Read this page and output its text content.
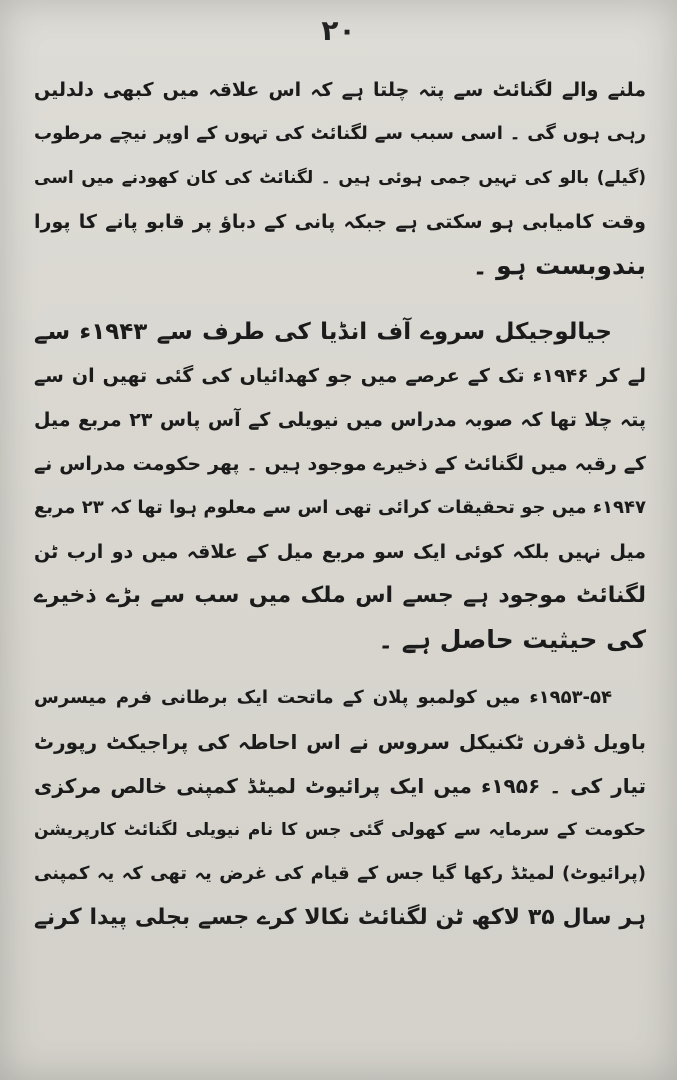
۲۰
ملنے والے لگنائٹ سے پتہ چلتا ہے کہ اس علاقہ میں کبھی دلدلیں
رہی ہوں گی ۔ اسی سبب سے لگنائٹ کی تہوں کے اوپر نیچے مرطوب
(گیلے) بالو کی تہیں جمی ہوئی ہیں ۔ لگنائٹ کی کان کھودنے میں اسی
وقت کامیابی ہو سکتی ہے جبکہ پانی کے دباؤ پر قابو پانے کا پورا
بندوبست ہو ۔
جیالوجیکل سروے آف انڈیا کی طرف سے ۱۹۴۳ء سے
لے کر ۱۹۴۶ء تک کے عرصے میں جو کھدائیاں کی گئی تھیں ان سے
پتہ چلا تھا کہ صوبہ مدراس میں نیویلی کے آس پاس ۲۳ مربع میل
کے رقبہ میں لگنائٹ کے ذخیرے موجود ہیں ۔ پھر حکومت مدراس نے
۱۹۴۷ء میں جو تحقیقات کرائی تھی اس سے معلوم ہوا تھا کہ ۲۳ مربع
میل نہیں بلکہ کوئی ایک سو مربع میل کے علاقہ میں دو ارب ٹن
لگنائٹ موجود ہے جسے اس ملک میں سب سے بڑے ذخیرے
کی حیثیت حاصل ہے ۔
۱۹۵۳-۵۴ء میں کولمبو پلان کے ماتحت ایک برطانی فرم میسرس
باویل ڈفرن ٹکنیکل سروس نے اس احاطہ کی پراجیکٹ رپورٹ
تیار کی ۔ ۱۹۵۶ء میں ایک پرائیوٹ لمیٹڈ کمپنی خالص مرکزی
حکومت کے سرمایہ سے کھولی گئی جس کا نام نیویلی لگنائٹ کارپریشن
(پرائیوٹ) لمیٹڈ رکھا گیا جس کے قیام کی غرض یہ تھی کہ یہ کمپنی
ہر سال ۳۵ لاکھ ٹن لگنائٹ نکالا کرے جسے بجلی پیدا کرنے
